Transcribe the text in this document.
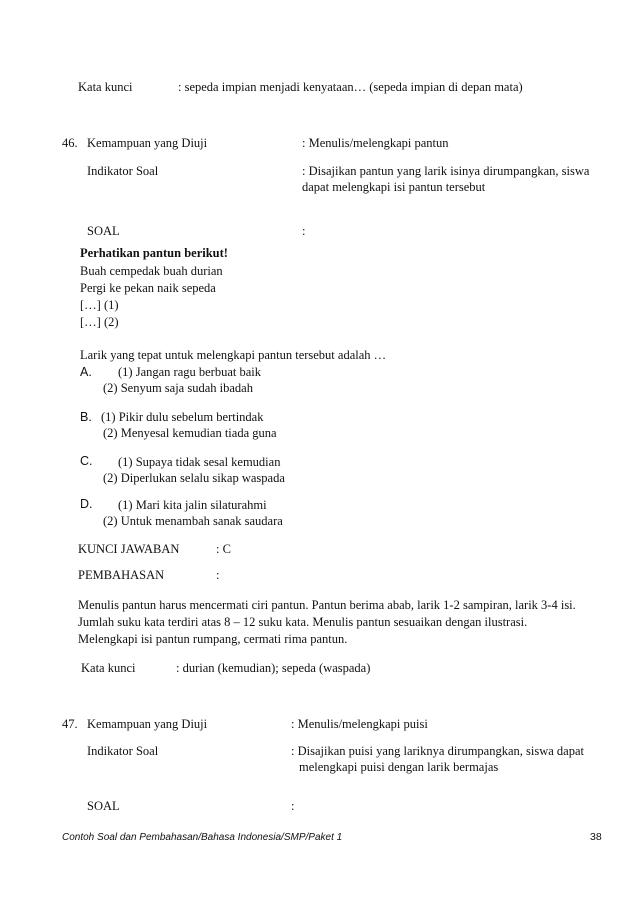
Kata kunci	: sepeda impian menjadi kenyataan… (sepeda impian di depan mata)
46. Kemampuan yang Diuji	: Menulis/melengkapi pantun
Indikator Soal	: Disajikan pantun yang larik isinya dirumpangkan, siswa
dapat melengkapi isi pantun tersebut
SOAL	:
Perhatikan pantun berikut!
Buah cempedak buah durian
Pergi ke pekan naik sepeda
[…] (1)
[…] (2)
Larik yang tepat untuk melengkapi pantun tersebut adalah …
A. (1) Jangan ragu berbuat baik
(2) Senyum saja sudah ibadah
B. (1) Pikir dulu sebelum bertindak
(2) Menyesal kemudian tiada guna
C. (1) Supaya tidak sesal kemudian
(2) Diperlukan selalu sikap waspada
D. (1) Mari kita jalin silaturahmi
(2) Untuk menambah sanak saudara
KUNCI JAWABAN	: C
PEMBAHASAN	:
Menulis pantun harus mencermati ciri pantun. Pantun berima abab, larik 1-2 sampiran, larik 3-4 isi.
Jumlah suku kata terdiri atas 8 – 12 suku kata. Menulis pantun sesuaikan dengan ilustrasi.
Melengkapi isi pantun rumpang, cermati rima pantun.
Kata kunci	: durian (kemudian); sepeda (waspada)
47. Kemampuan yang Diuji	: Menulis/melengkapi puisi
Indikator Soal	: Disajikan puisi yang lariknya dirumpangkan, siswa dapat
melengkapi puisi dengan larik bermajas
SOAL	:
Contoh Soal dan Pembahasan/Bahasa Indonesia/SMP/Paket 1	38
